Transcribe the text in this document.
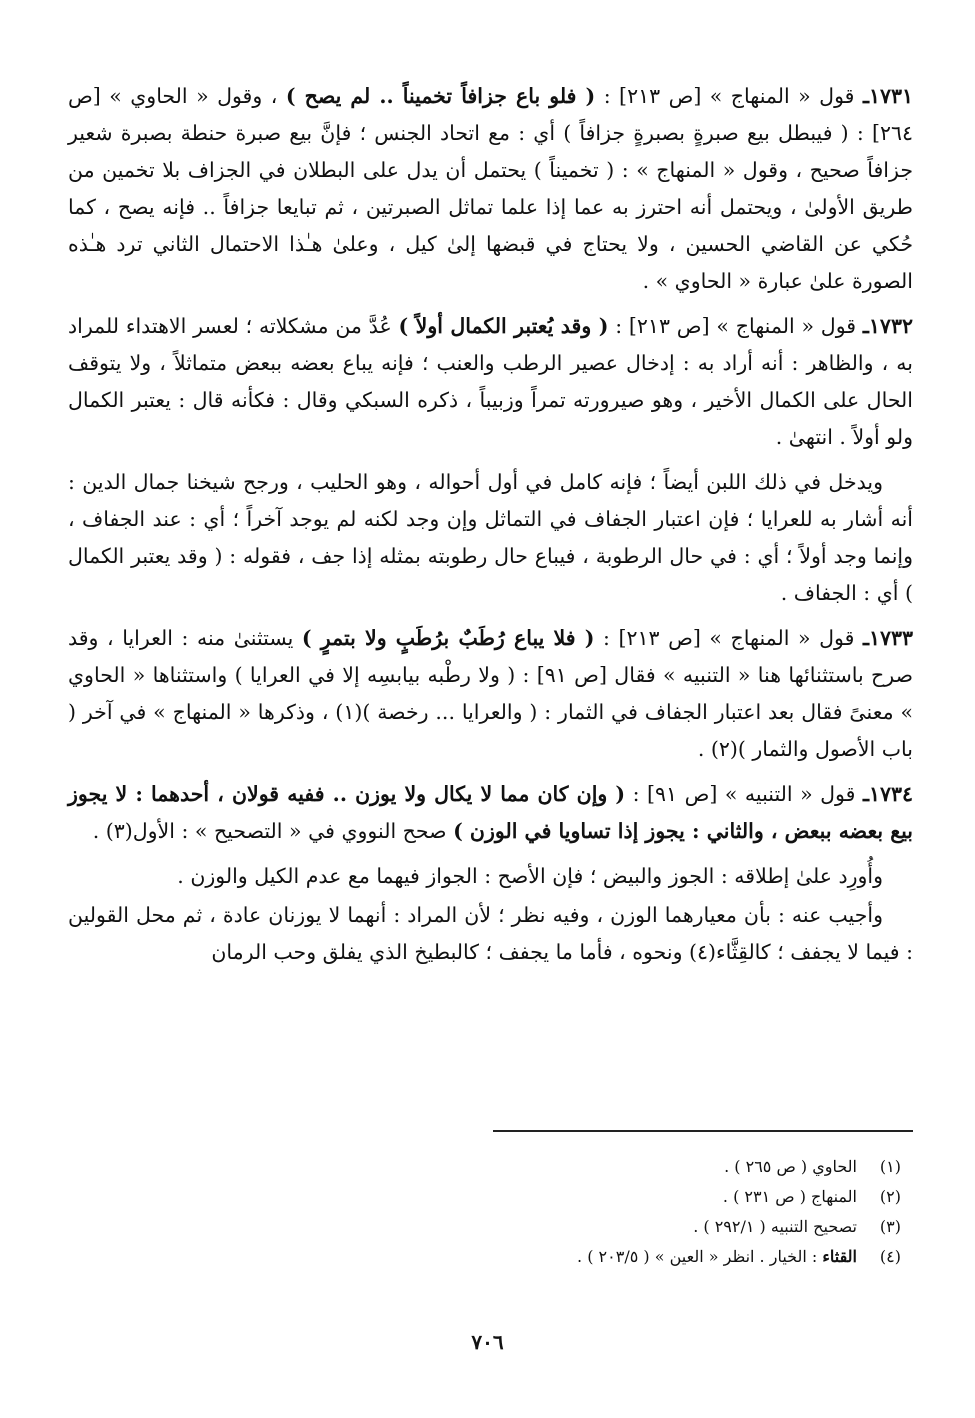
١٧٣١ـ قول « المنهاج » [ص ٢١٣] : ( فلو باع جزافاً تخميناً .. لم يصح ) ، وقول « الحاوي » [ص ٢٦٤] : ( فيبطل بيع صبرةٍ بصبرةٍ جزافاً ) أي : مع اتحاد الجنس ؛ فإنَّ بيع صبرة حنطة بصبرة شعير جزافاً صحيح ، وقول « المنهاج » : ( تخميناً ) يحتمل أن يدل على البطلان في الجزاف بلا تخمين من طريق الأولىٰ ، ويحتمل أنه احترز به عما إذا علما تماثل الصبرتين ، ثم تبايعا جزافاً .. فإنه يصح ، كما حُكي عن القاضي الحسين ، ولا يحتاج في قبضها إلىٰ كيل ، وعلىٰ هـٰذا الاحتمال الثاني ترد هـٰذه الصورة علىٰ عبارة « الحاوي » .

١٧٣٢ـ قول « المنهاج » [ص ٢١٣] : ( وقد يُعتبر الكمال أولاً ) عُدَّ من مشكلاته ؛ لعسر الاهتداء للمراد به ، والظاهر : أنه أراد به : إدخال عصير الرطب والعنب ؛ فإنه يباع بعضه ببعض متماثلاً ، ولا يتوقف الحال على الكمال الأخير ، وهو صيرورته تمراً وزبيباً ، ذكره السبكي وقال : فكأنه قال : يعتبر الكمال ولو أولاً . انتهىٰ .

ويدخل في ذلك اللبن أيضاً ؛ فإنه كامل في أول أحواله ، وهو الحليب ، ورجح شيخنا جمال الدين : أنه أشار به للعرايا ؛ فإن اعتبار الجفاف في التماثل وإن وجد لكنه لم يوجد آخراً ؛ أي : عند الجفاف ، وإنما وجد أولاً ؛ أي : في حال الرطوبة ، فيباع حال رطوبته بمثله إذا جف ، فقوله : ( وقد يعتبر الكمال ) أي : الجفاف .

١٧٣٣ـ قول « المنهاج » [ص ٢١٣] : ( فلا يباع رُطَبٌ برُطَبٍ ولا بتمرٍ ) يستثنىٰ منه : العرايا ، وقد صرح باستثنائها هنا « التنبيه » فقال [ص ٩١] : ( ولا رطْبه بيابسِه إلا في العرايا ) واستثناها « الحاوي » معنىً فقال بعد اعتبار الجفاف في الثمار : ( والعرايا ... رخصة )(١) ، وذكرها « المنهاج » في آخر ( باب الأصول والثمار )(٢) .

١٧٣٤ـ قول « التنبيه » [ص ٩١] : ( وإن كان مما لا يكال ولا يوزن .. ففيه قولان ، أحدهما : لا يجوز بيع بعضه ببعض ، والثاني : يجوز إذا تساويا في الوزن ) صحح النووي في « التصحيح » : الأول(٣) .

وأُورِد علىٰ إطلاقه : الجوز والبيض ؛ فإن الأصح : الجواز فيهما مع عدم الكيل والوزن .

وأجيب عنه : بأن معيارهما الوزن ، وفيه نظر ؛ لأن المراد : أنهما لا يوزنان عادة ، ثم محل القولين : فيما لا يجفف ؛ كالقِثَّاء(٤) ونحوه ، فأما ما يجفف ؛ كالبطيخ الذي يفلق وحب الرمان

(١)
الحاوي ( ص ٢٦٥ ) .
(٢)
المنهاج ( ص ٢٣١ ) .
(٣)
تصحيح التنبيه ( ٢٩٢/١ ) .
(٤)
القثاء : الخيار . انظر « العين » ( ٢٠٣/٥ ) .
٧٠٦
